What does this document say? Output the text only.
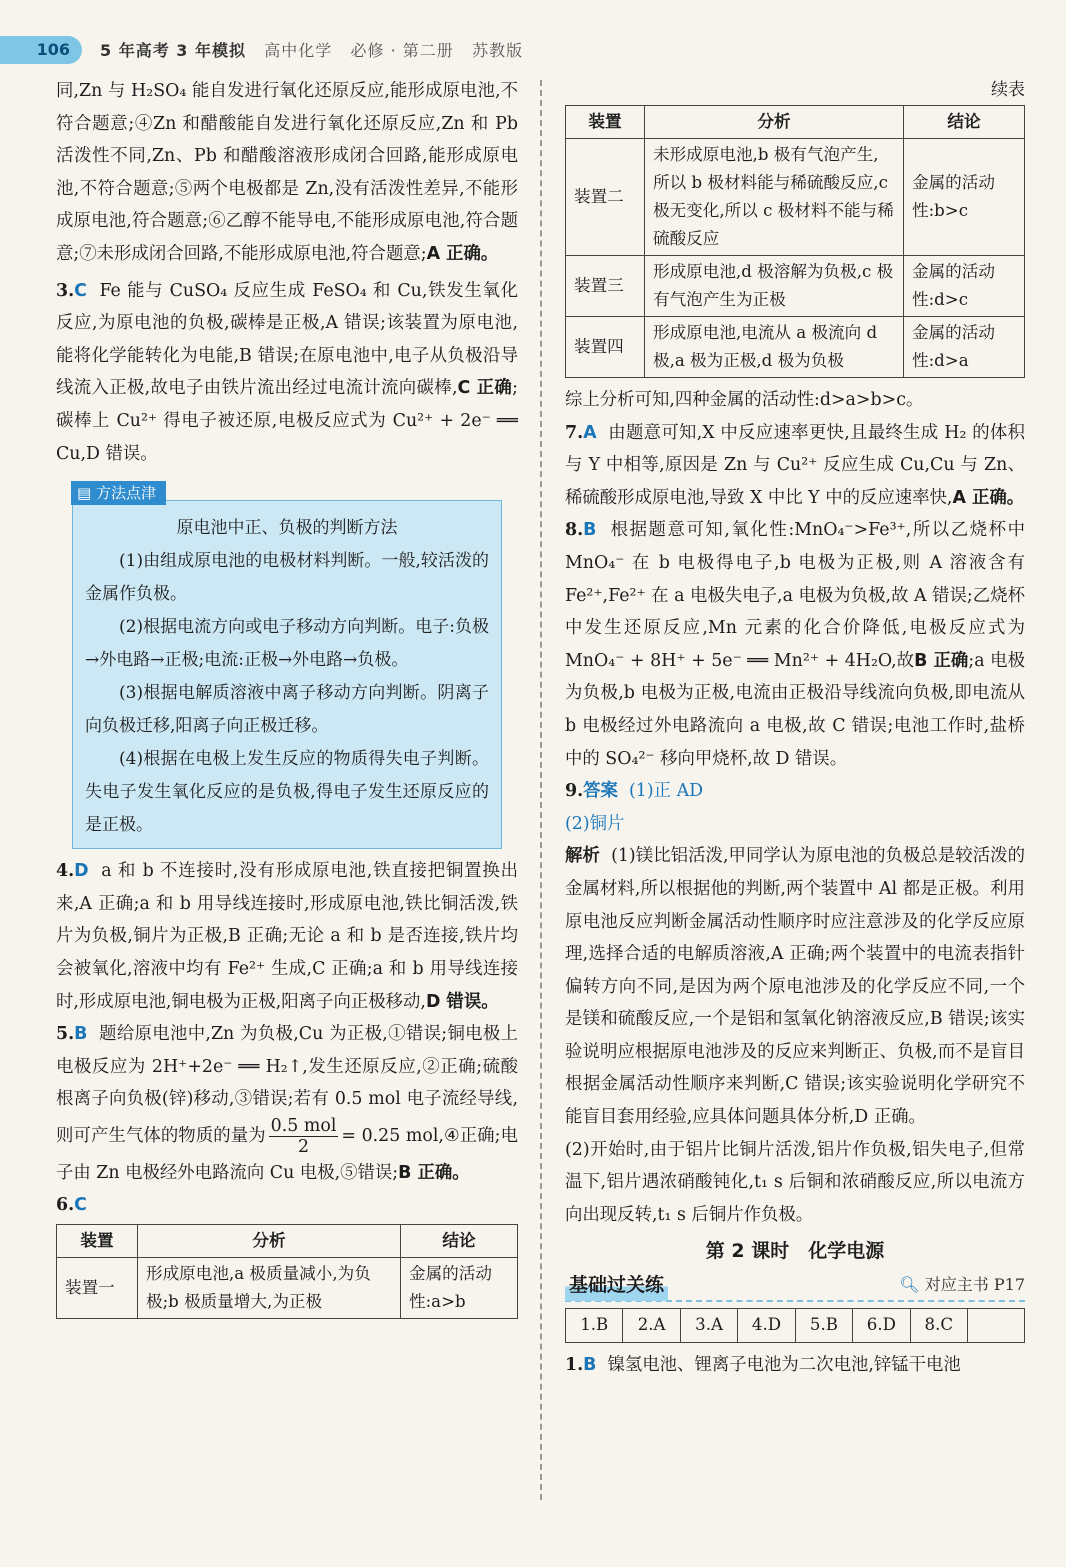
106	5 年高考 3 年模拟 高中化学 必修 · 第二册 苏教版

同,Zn 与 H₂SO₄ 能自发进行氧化还原反应,能形成原电池,不符合题意;④Zn 和醋酸能自发进行氧化还原反应,Zn 和 Pb 活泼性不同,Zn、Pb 和醋酸溶液形成闭合回路,能形成原电池,不符合题意;⑤两个电极都是 Zn,没有活泼性差异,不能形成原电池,符合题意;⑥乙醇不能导电,不能形成原电池,符合题意;⑦未形成闭合回路,不能形成原电池,符合题意;A 正确。

3.C Fe 能与 CuSO₄ 反应生成 FeSO₄ 和 Cu,铁发生氧化反应,为原电池的负极,碳棒是正极,A 错误;该装置为原电池,能将化学能转化为电能,B 错误;在原电池中,电子从负极沿导线流入正极,故电子由铁片流出经过电流计流向碳棒,C 正确;碳棒上 Cu²⁺ 得电子被还原,电极反应式为 Cu²⁺ + 2e⁻ ══ Cu,D 错误。

▤ 方法点津
原电池中正、负极的判断方法

(1)由组成原电池的电极材料判断。一般,较活泼的金属作负极。

(2)根据电流方向或电子移动方向判断。电子:负极→外电路→正极;电流:正极→外电路→负极。

(3)根据电解质溶液中离子移动方向判断。阴离子向负极迁移,阳离子向正极迁移。

(4)根据在电极上发生反应的物质得失电子判断。失电子发生氧化反应的是负极,得电子发生还原反应的是正极。

4.D a 和 b 不连接时,没有形成原电池,铁直接把铜置换出来,A 正确;a 和 b 用导线连接时,形成原电池,铁比铜活泼,铁片为负极,铜片为正极,B 正确;无论 a 和 b 是否连接,铁片均会被氧化,溶液中均有 Fe²⁺ 生成,C 正确;a 和 b 用导线连接时,形成原电池,铜电极为正极,阳离子向正极移动,D 错误。

5.B 题给原电池中,Zn 为负极,Cu 为正极,①错误;铜电极上电极反应为 2H⁺+2e⁻ ══ H₂↑,发生还原反应,②正确;硫酸根离子向负极(锌)移动,③错误;若有 0.5 mol 电子流经导线,则可产生气体的物质的量为 $\frac{\text{0.5 mol}}{2} = 0.25$ mol,④正确;电子由 Zn 电极经外电路流向 Cu 电极,⑤错误;B 正确。

6.C

装置	分析	结论
装置一	形成原电池,a 极质量减小,为负极;b 极质量增大,为正极	金属的活动性:a>b
续表
装置	分析	结论
装置二	未形成原电池,b 极有气泡产生,所以 b 极材料能与稀硫酸反应,c 极无变化,所以 c 极材料不能与稀硫酸反应	金属的活动性:b>c
装置三	形成原电池,d 极溶解为负极,c 极有气泡产生为正极	金属的活动性:d>c
装置四	形成原电池,电流从 a 极流向 d 极,a 极为正极,d 极为负极	金属的活动性:d>a

综上分析可知,四种金属的活动性:d>a>b>c。

7.A 由题意可知,X 中反应速率更快,且最终生成 H₂ 的体积与 Y 中相等,原因是 Zn 与 Cu²⁺ 反应生成 Cu,Cu 与 Zn、稀硫酸形成原电池,导致 X 中比 Y 中的反应速率快,A 正确。

8.B 根据题意可知,氧化性:MnO₄⁻>Fe³⁺,所以乙烧杯中 MnO₄⁻ 在 b 电极得电子,b 电极为正极,则 A 溶液含有 Fe²⁺,Fe²⁺ 在 a 电极失电子,a 电极为负极,故 A 错误;乙烧杯中发生还原反应,Mn 元素的化合价降低,电极反应式为 MnO₄⁻ + 8H⁺ + 5e⁻ ══ Mn²⁺ + 4H₂O,故B 正确;a 电极为负极,b 电极为正极,电流由正极沿导线流向负极,即电流从 b 电极经过外电路流向 a 电极,故 C 错误;电池工作时,盐桥中的 SO₄²⁻ 移向甲烧杯,故 D 错误。

9.答案 (1)正 AD

(2)铜片

解析 (1)镁比铝活泼,甲同学认为原电池的负极总是较活泼的金属材料,所以根据他的判断,两个装置中 Al 都是正极。利用原电池反应判断金属活动性顺序时应注意涉及的化学反应原理,选择合适的电解质溶液,A 正确;两个装置中的电流表指针偏转方向不同,是因为两个原电池涉及的化学反应不同,一个是镁和硫酸反应,一个是铝和氢氧化钠溶液反应,B 错误;该实验说明应根据原电池涉及的反应来判断正、负极,而不是盲目根据金属活动性顺序来判断,C 错误;该实验说明化学研究不能盲目套用经验,应具体问题具体分析,D 正确。

(2)开始时,由于铝片比铜片活泼,铝片作负极,铝失电子,但常温下,铝片遇浓硝酸钝化,t₁ s 后铜和浓硝酸反应,所以电流方向出现反转,t₁ s 后铜片作负极。

第 2 课时　化学电源
基础过关练	🔍︎ 对应主书 P17
1.B	2.A	3.A	4.D	5.B	6.D	8.C	

1.B 镍氢电池、锂离子电池为二次电池,锌锰干电池
